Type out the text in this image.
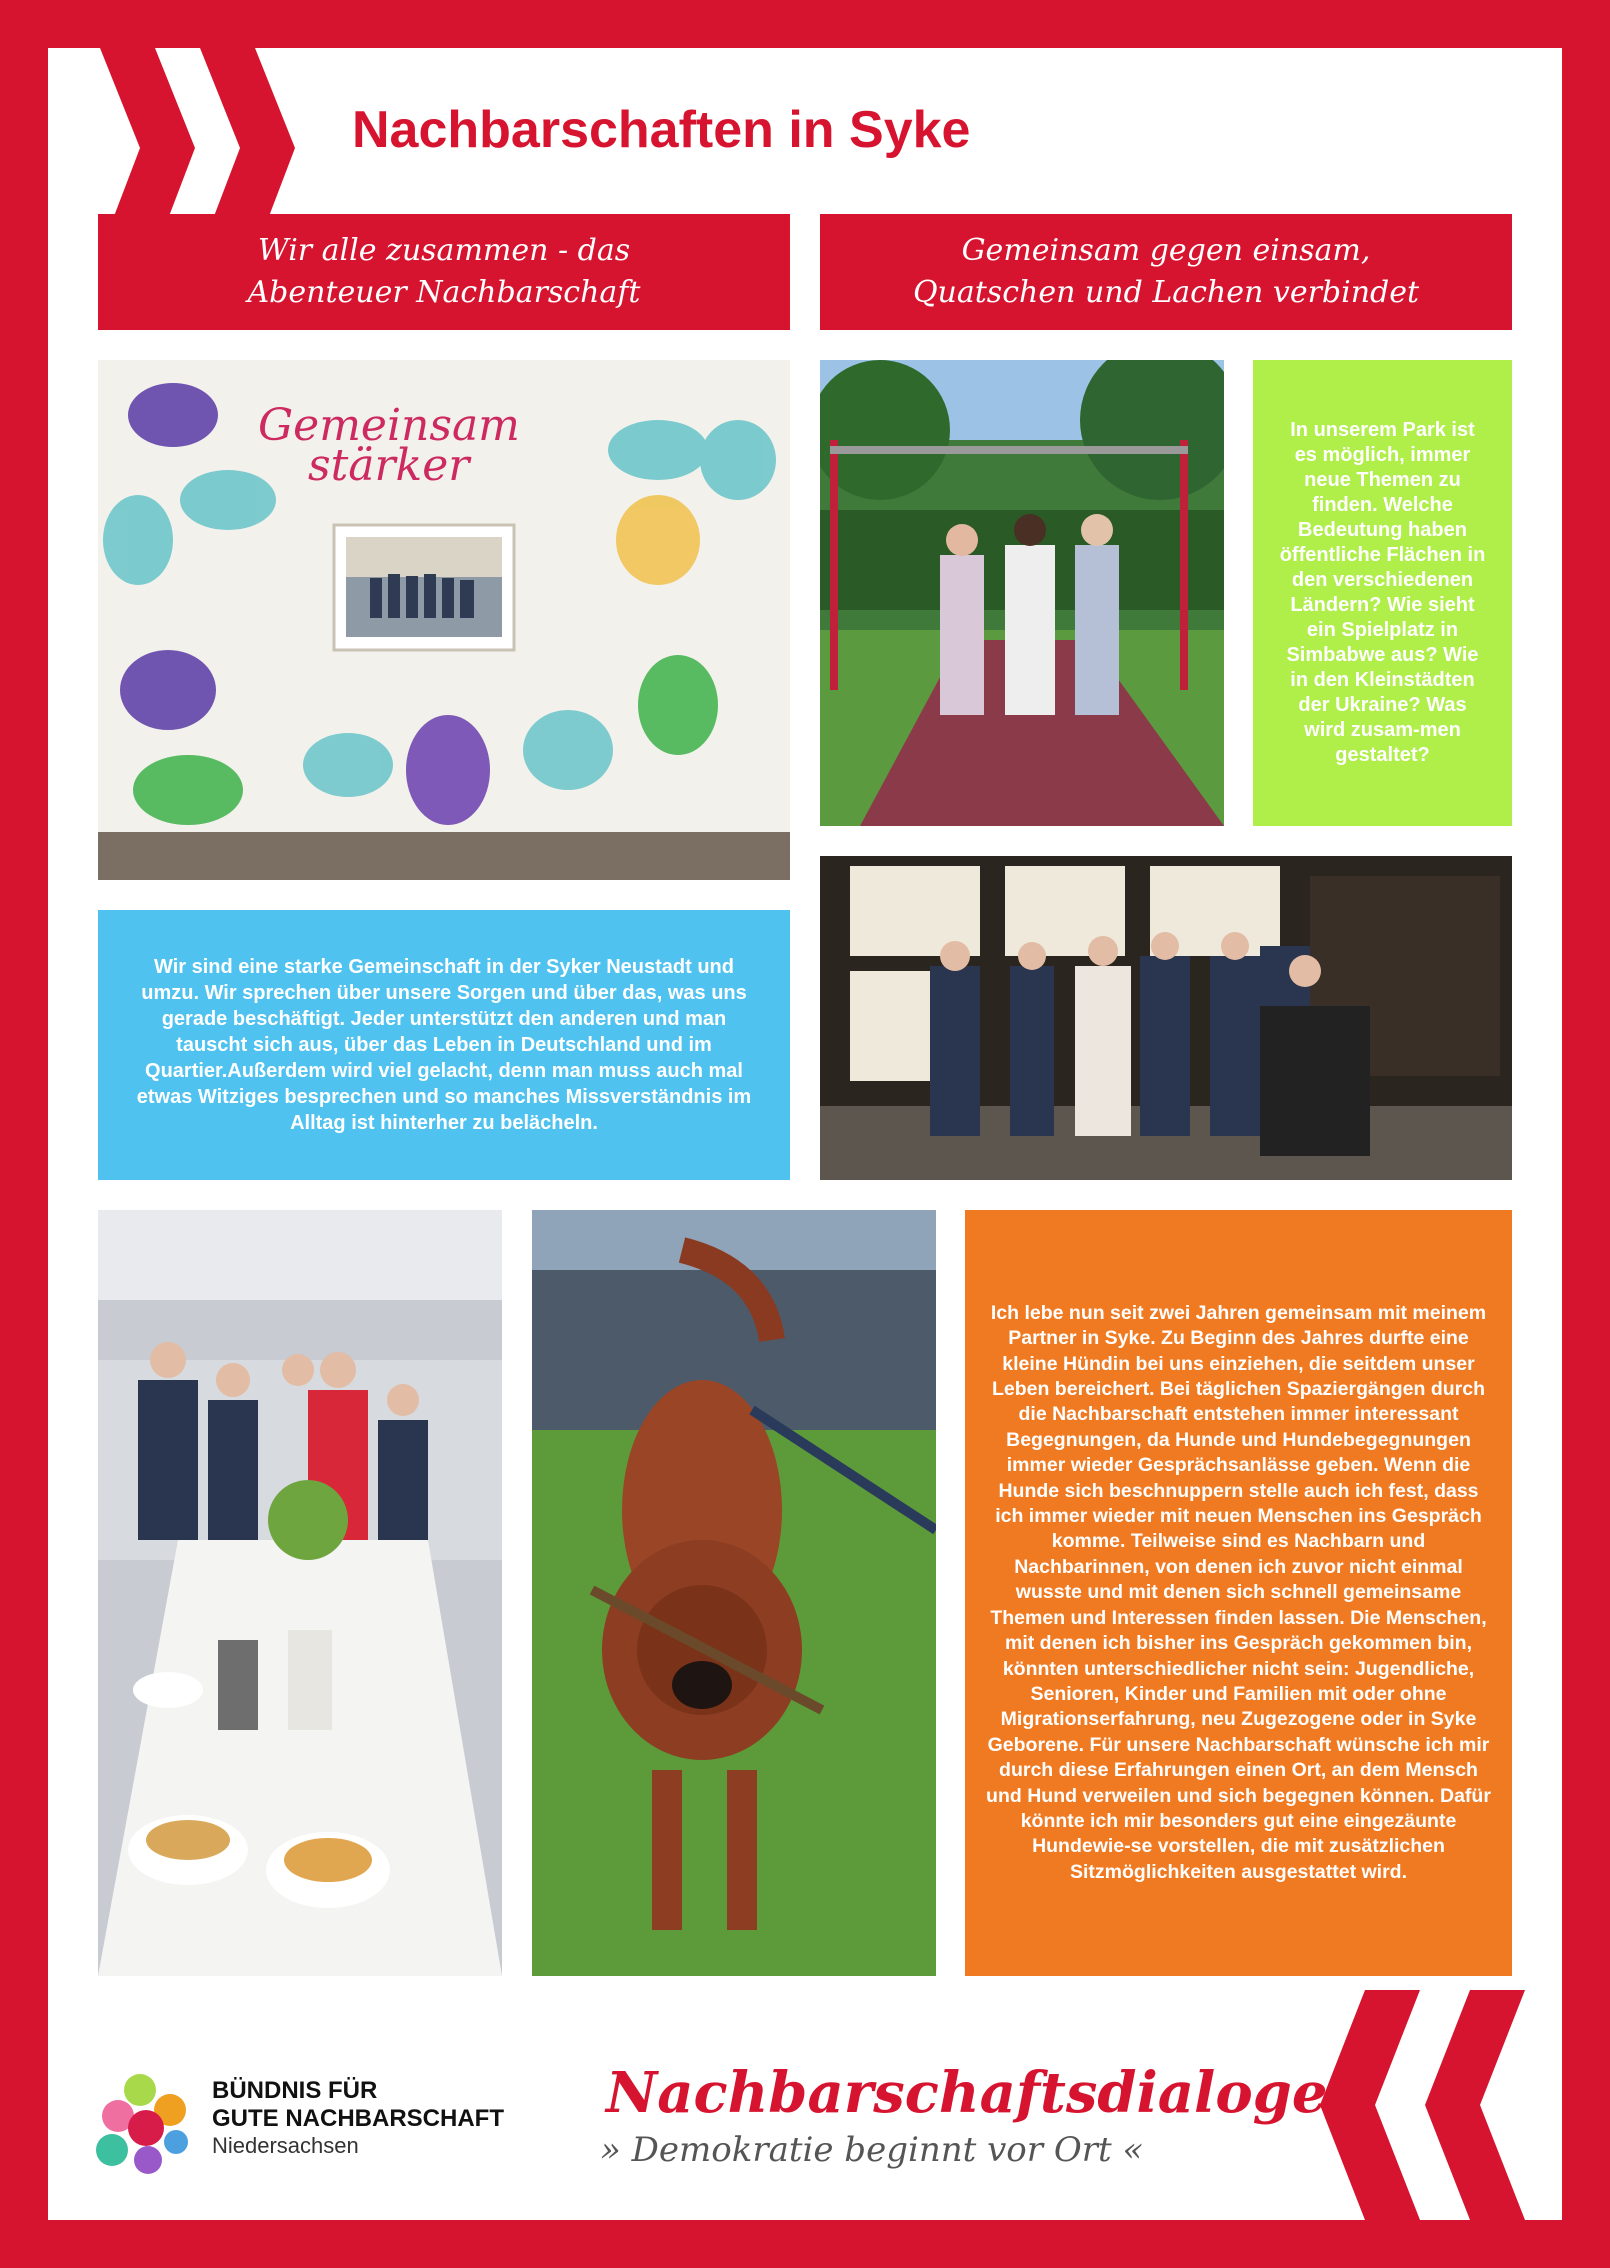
Nachbarschaften in Syke
Wir alle zusammen - das
Abenteuer Nachbarschaft
Gemeinsam gegen einsam,
Quatschen und Lachen verbindet
Gemeinsam
stärker

In unserem Park ist es möglich, immer neue Themen zu finden. Welche Bedeutung haben öffentliche Flächen in den verschiedenen Ländern? Wie sieht ein Spielplatz in Simbabwe aus? Wie in den Kleinstädten der Ukraine? Was wird zusam-men gestaltet?

Wir sind eine starke Gemeinschaft in der Syker Neustadt und umzu. Wir sprechen über unsere Sorgen und über das, was uns gerade beschäftigt. Jeder unterstützt den anderen und man tauscht sich aus, über das Leben in Deutschland und im Quartier.Außerdem wird viel gelacht, denn man muss auch mal etwas Witziges besprechen und so manches Missverständnis im Alltag ist hinterher zu belächeln.

Ich lebe nun seit zwei Jahren gemeinsam mit meinem Partner in Syke. Zu Beginn des Jahres durfte eine kleine Hündin bei uns einziehen, die seitdem unser Leben bereichert. Bei täglichen Spaziergängen durch die Nachbarschaft entstehen immer interessant Begegnungen, da Hunde und Hundebegegnungen immer wieder Gesprächsanlässe geben. Wenn die Hunde sich beschnuppern stelle auch ich fest, dass ich immer wieder mit neuen Menschen ins Gespräch komme. Teilweise sind es Nachbarn und Nachbarinnen, von denen ich zuvor nicht einmal wusste und mit denen sich schnell gemeinsame Themen und Interessen finden lassen. Die Menschen, mit denen ich bisher ins Gespräch gekommen bin, könnten unterschiedlicher nicht sein: Jugendliche, Senioren, Kinder und Familien mit oder ohne Migrationserfahrung, neu Zugezogene oder in Syke Geborene. Für unsere Nachbarschaft wünsche ich mir durch diese Erfahrungen einen Ort, an dem Mensch und Hund verweilen und sich begegnen können. Dafür könnte ich mir besonders gut eine eingezäunte Hundewie-se vorstellen, die mit zusätzlichen Sitzmöglichkeiten ausgestattet wird.

BÜNDNIS FÜR
GUTE NACHBARSCHAFT
Niedersachsen
Nachbarschaftsdialoge
» Demokratie beginnt vor Ort «
